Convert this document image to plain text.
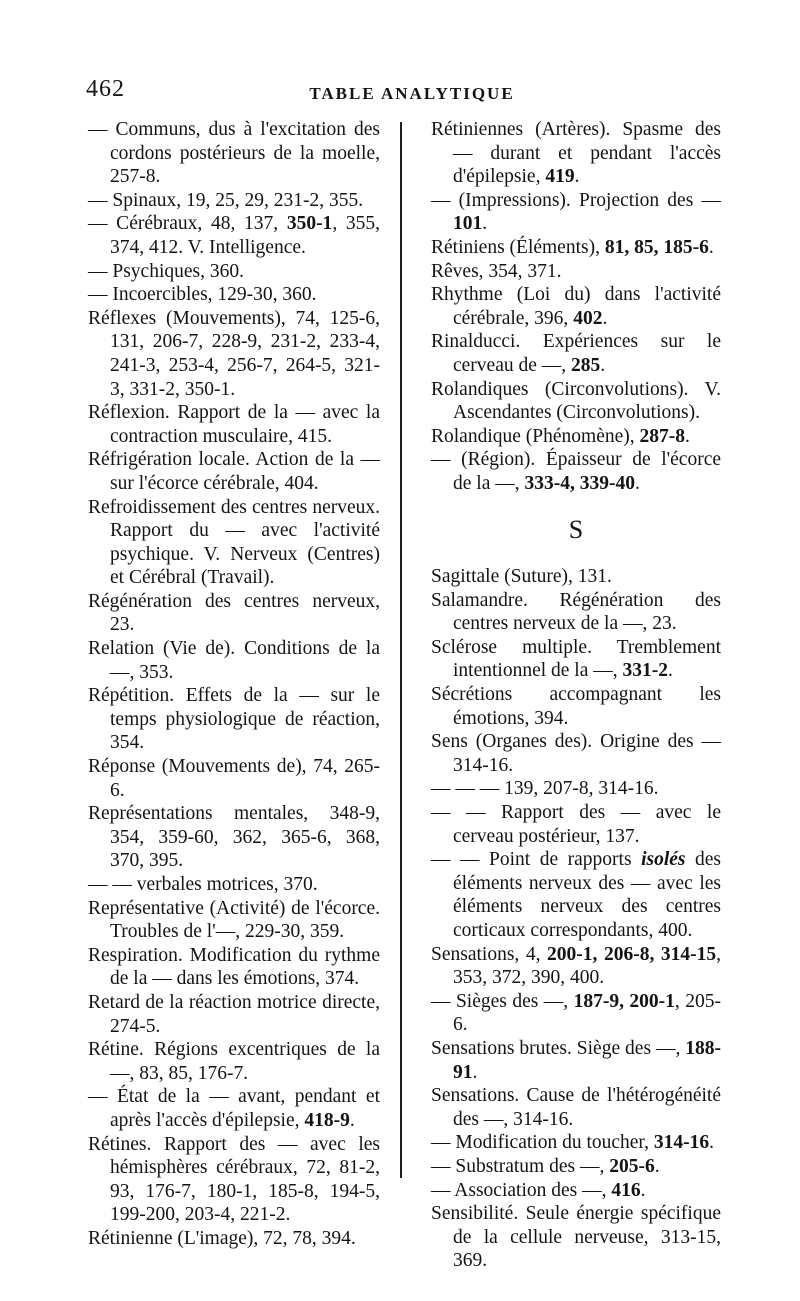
462	TABLE ANALYTIQUE

— Communs, dus à l'excitation des cordons postérieurs de la moelle, 257-8.

— Spinaux, 19, 25, 29, 231-2, 355.

— Cérébraux, 48, 137, 350-1, 355, 374, 412. V. Intelligence.

— Psychiques, 360.

— Incoercibles, 129-30, 360.

Réflexes (Mouvements), 74, 125-6, 131, 206-7, 228-9, 231-2, 233-4, 241-3, 253-4, 256-7, 264-5, 321-3, 331-2, 350-1.

Réflexion. Rapport de la — avec la contraction musculaire, 415.

Réfrigération locale. Action de la — sur l'écorce cérébrale, 404.

Refroidissement des centres nerveux. Rapport du — avec l'activité psychique. V. Nerveux (Centres) et Cérébral (Travail).

Régénération des centres nerveux, 23.

Relation (Vie de). Conditions de la —, 353.

Répétition. Effets de la — sur le temps physiologique de réaction, 354.

Réponse (Mouvements de), 74, 265-6.

Représentations mentales, 348-9, 354, 359-60, 362, 365-6, 368, 370, 395.

— — verbales motrices, 370.

Représentative (Activité) de l'écorce. Troubles de l'—, 229-30, 359.

Respiration. Modification du rythme de la — dans les émotions, 374.

Retard de la réaction motrice directe, 274-5.

Rétine. Régions excentriques de la —, 83, 85, 176-7.

— État de la — avant, pendant et après l'accès d'épilepsie, 418-9.

Rétines. Rapport des — avec les hémisphères cérébraux, 72, 81-2, 93, 176-7, 180-1, 185-8, 194-5, 199-200, 203-4, 221-2.

Rétinienne (L'image), 72, 78, 394.

Rétiniennes (Artères). Spasme des — durant et pendant l'accès d'épilepsie, 419.

— (Impressions). Projection des — 101.

Rétiniens (Éléments), 81, 85, 185-6.

Rêves, 354, 371.

Rhythme (Loi du) dans l'activité cérébrale, 396, 402.

Rinalducci. Expériences sur le cerveau de —, 285.

Rolandiques (Circonvolutions). V. Ascendantes (Circonvolutions).

Rolandique (Phénomène), 287-8.

— (Région). Épaisseur de l'écorce de la —, 333-4, 339-40.

S

Sagittale (Suture), 131.

Salamandre. Régénération des centres nerveux de la —, 23.

Sclérose multiple. Tremblement intentionnel de la —, 331-2.

Sécrétions accompagnant les émotions, 394.

Sens (Organes des). Origine des — 314-16.

— — — 139, 207-8, 314-16.

— — Rapport des — avec le cerveau postérieur, 137.

— — Point de rapports isolés des éléments nerveux des — avec les éléments nerveux des centres corticaux correspondants, 400.

Sensations, 4, 200-1, 206-8, 314-15, 353, 372, 390, 400.

— Sièges des —, 187-9, 200-1, 205-6.

Sensations brutes. Siège des —, 188-91.

Sensations. Cause de l'hétérogénéité des —, 314-16.

— Modification du toucher, 314-16.

— Substratum des —, 205-6.

— Association des —, 416.

Sensibilité. Seule énergie spécifique de la cellule nerveuse, 313-15, 369.
